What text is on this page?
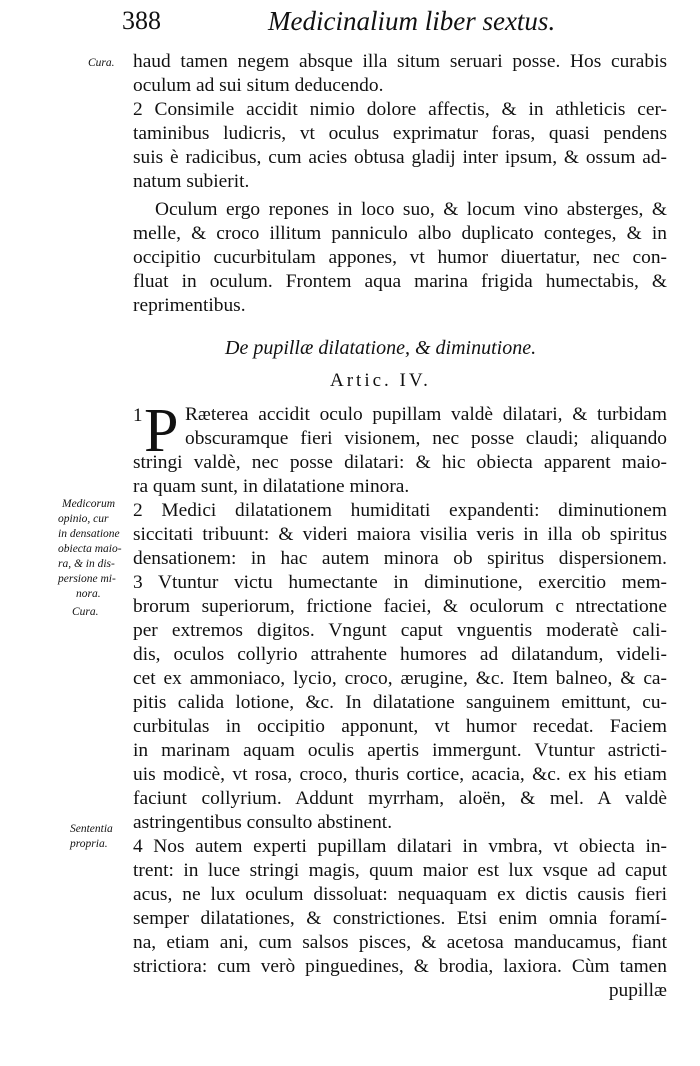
388	Medicinalium liber sextus.
Cura.
Medicorum
opinio, cur
in densatione
obiecta maio-
ra, & in dis-
persione mi-
nora.
Cura.
Sententia
propria.
haud tamen negem absque illa situm seruari posse. Hos curabis
oculum ad sui situm deducendo.
2 Consimile accidit nimio dolore affectis, & in athleticis cer-
taminibus ludicris, vt oculus exprimatur foras, quasi pendens
suis è radicibus, cum acies obtusa gladij inter ipsum, & ossum ad-
natum subierit.
Oculum ergo repones in loco suo, & locum vino absterges, &
melle, & croco illitum panniculo albo duplicato conteges, & in
occipitio cucurbitulam appones, vt humor diuertatur, nec con-
fluat in oculum. Frontem aqua marina frigida humectabis, &
reprimentibus.
De pupillæ dilatatione, & diminutione.
Artic. IV.
1 P Ræterea accidit oculo pupillam valdè dilatari, & turbidam
obscuramque fieri visionem, nec posse claudi; aliquando
stringi valdè, nec posse dilatari: & hic obiecta apparent maio-
ra quam sunt, in dilatatione minora.
2 Medici dilatationem humiditati expandenti: diminutionem
siccitati tribuunt: & videri maiora visilia veris in illa ob spiritus
densationem: in hac autem minora ob spiritus dispersionem.
3 Vtuntur victu humectante in diminutione, exercitio mem-
brorum superiorum, frictione faciei, & oculorum c ntrectatione
per extremos digitos. Vngunt caput vnguentis moderatè cali-
dis, oculos collyrio attrahente humores ad dilatandum, videli-
cet ex ammoniaco, lycio, croco, ærugine, &c. Item balneo, & ca-
pitis calida lotione, &c. In dilatatione sanguinem emittunt, cu-
curbitulas in occipitio apponunt, vt humor recedat. Faciem
in marinam aquam oculis apertis immergunt. Vtuntur astricti-
uis modicè, vt rosa, croco, thuris cortice, acacia, &c. ex his etiam
faciunt collyrium. Addunt myrrham, aloën, & mel. A valdè
astringentibus consulto abstinent.
4 Nos autem experti pupillam dilatari in vmbra, vt obiecta in-
trent: in luce stringi magis, quum maior est lux vsque ad caput
acus, ne lux oculum dissoluat: nequaquam ex dictis causis fieri
semper dilatationes, & constrictiones. Etsi enim omnia foramí-
na, etiam ani, cum salsos pisces, & acetosa manducamus, fiant
strictiora: cum verò pinguedines, & brodia, laxiora. Cùm tamen
pupillæ
